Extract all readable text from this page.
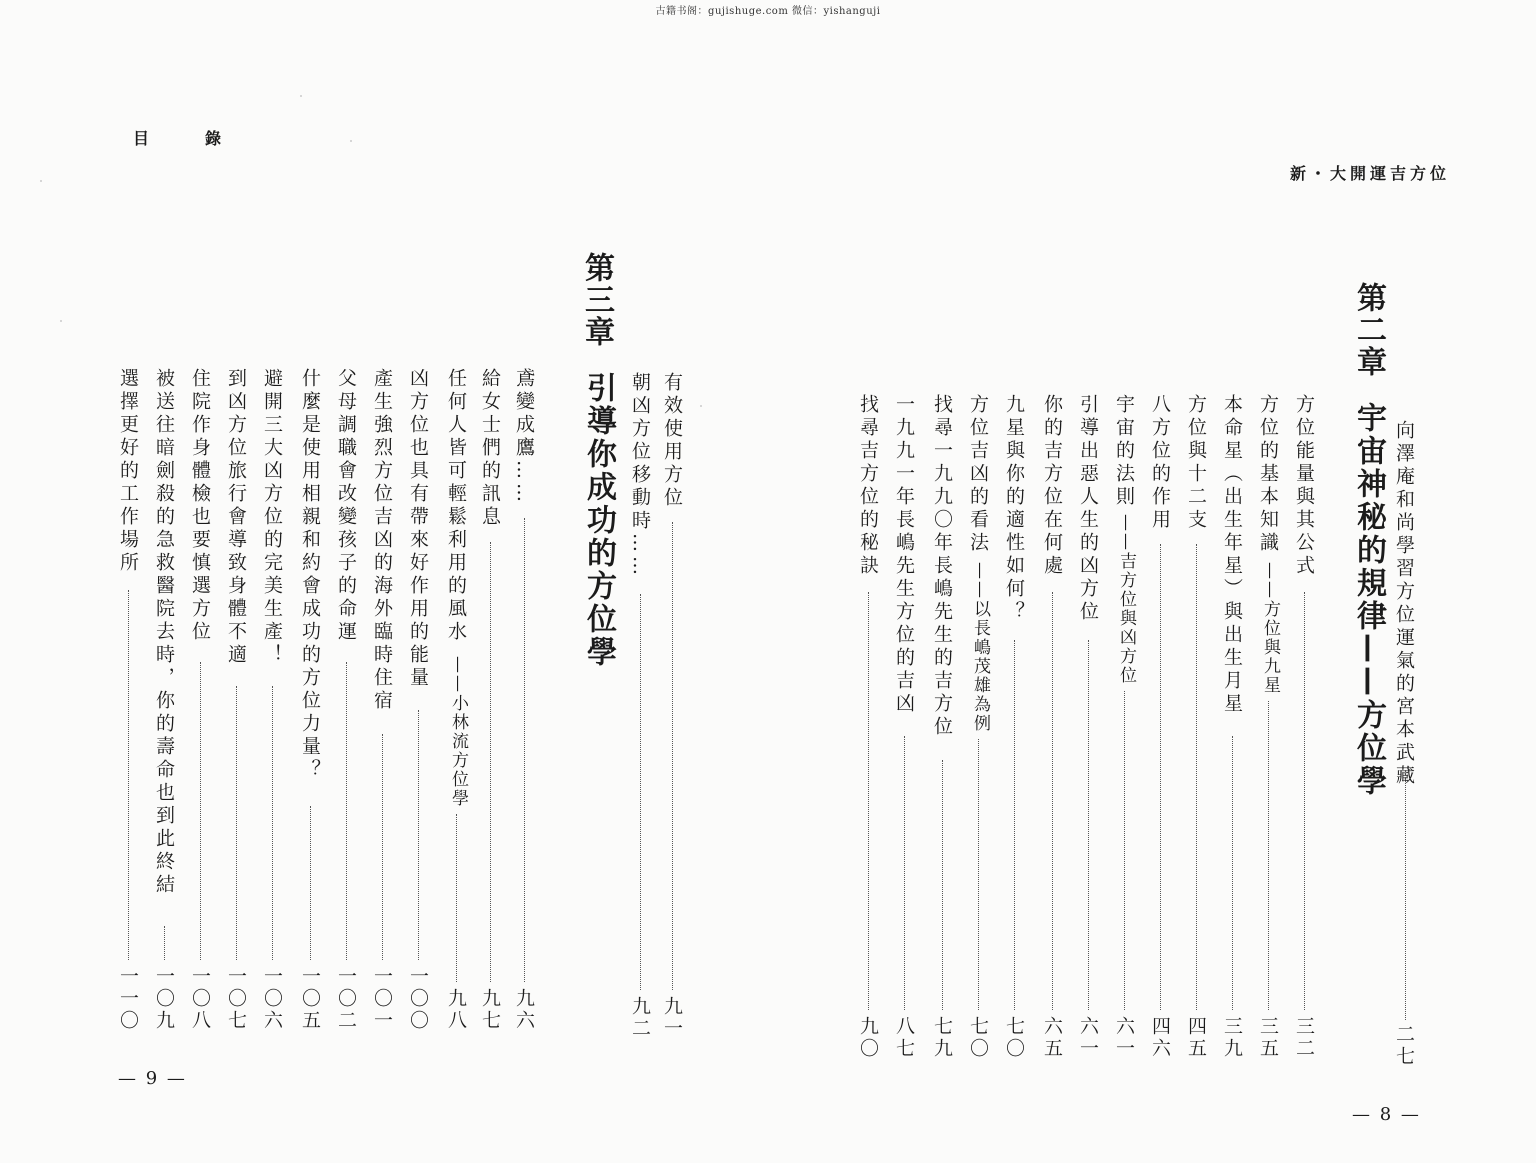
古籍书阁：gujishuge.com 微信：yishanguji
目　錄
— 9 —
第三章
引導你成功的方位學 有效使用方位
九一
朝凶方位移動時……
九二
鳶變成鷹……
九六
給女士們的訊息
九七
任何人皆可輕鬆利用的風水
——小林流方位學
九八
凶方位也具有帶來好作用的能量
一〇〇
產生強烈方位吉凶的海外臨時住宿
一〇一
父母調職會改變孩子的命運
一〇二
什麼是使用相親和約會成功的方位力量？
一〇五
避開三大凶方位的完美生產！
一〇六
到凶方位旅行會導致身體不適
一〇七
住院作身體檢也要慎選方位
一〇八
被送往暗劍殺的急救醫院去時，你的壽命也到此終結
一〇九
選擇更好的工作場所
一一〇
新・大開運吉方位
— 8 —
向澤庵和尚學習方位運氣的宮本武藏
二七
第二章
宇宙神秘的規律——方位學
方位能量與其公式
三二
方位的基本知識
——方位與九星
三五
本命星（出生年星）與出生月星
三九
方位與十二支
四五
八方位的作用
四六
宇宙的法則
——吉方位與凶方位
六一
引導出惡人生的凶方位
六一
你的吉方位在何處
六五
九星與你的適性如何？
七〇
方位吉凶的看法
——以長嶋茂雄為例
七〇
找尋一九九〇年長嶋先生的吉方位
七九
一九九一年長嶋先生方位的吉凶
八七
找尋吉方位的秘訣
九〇
